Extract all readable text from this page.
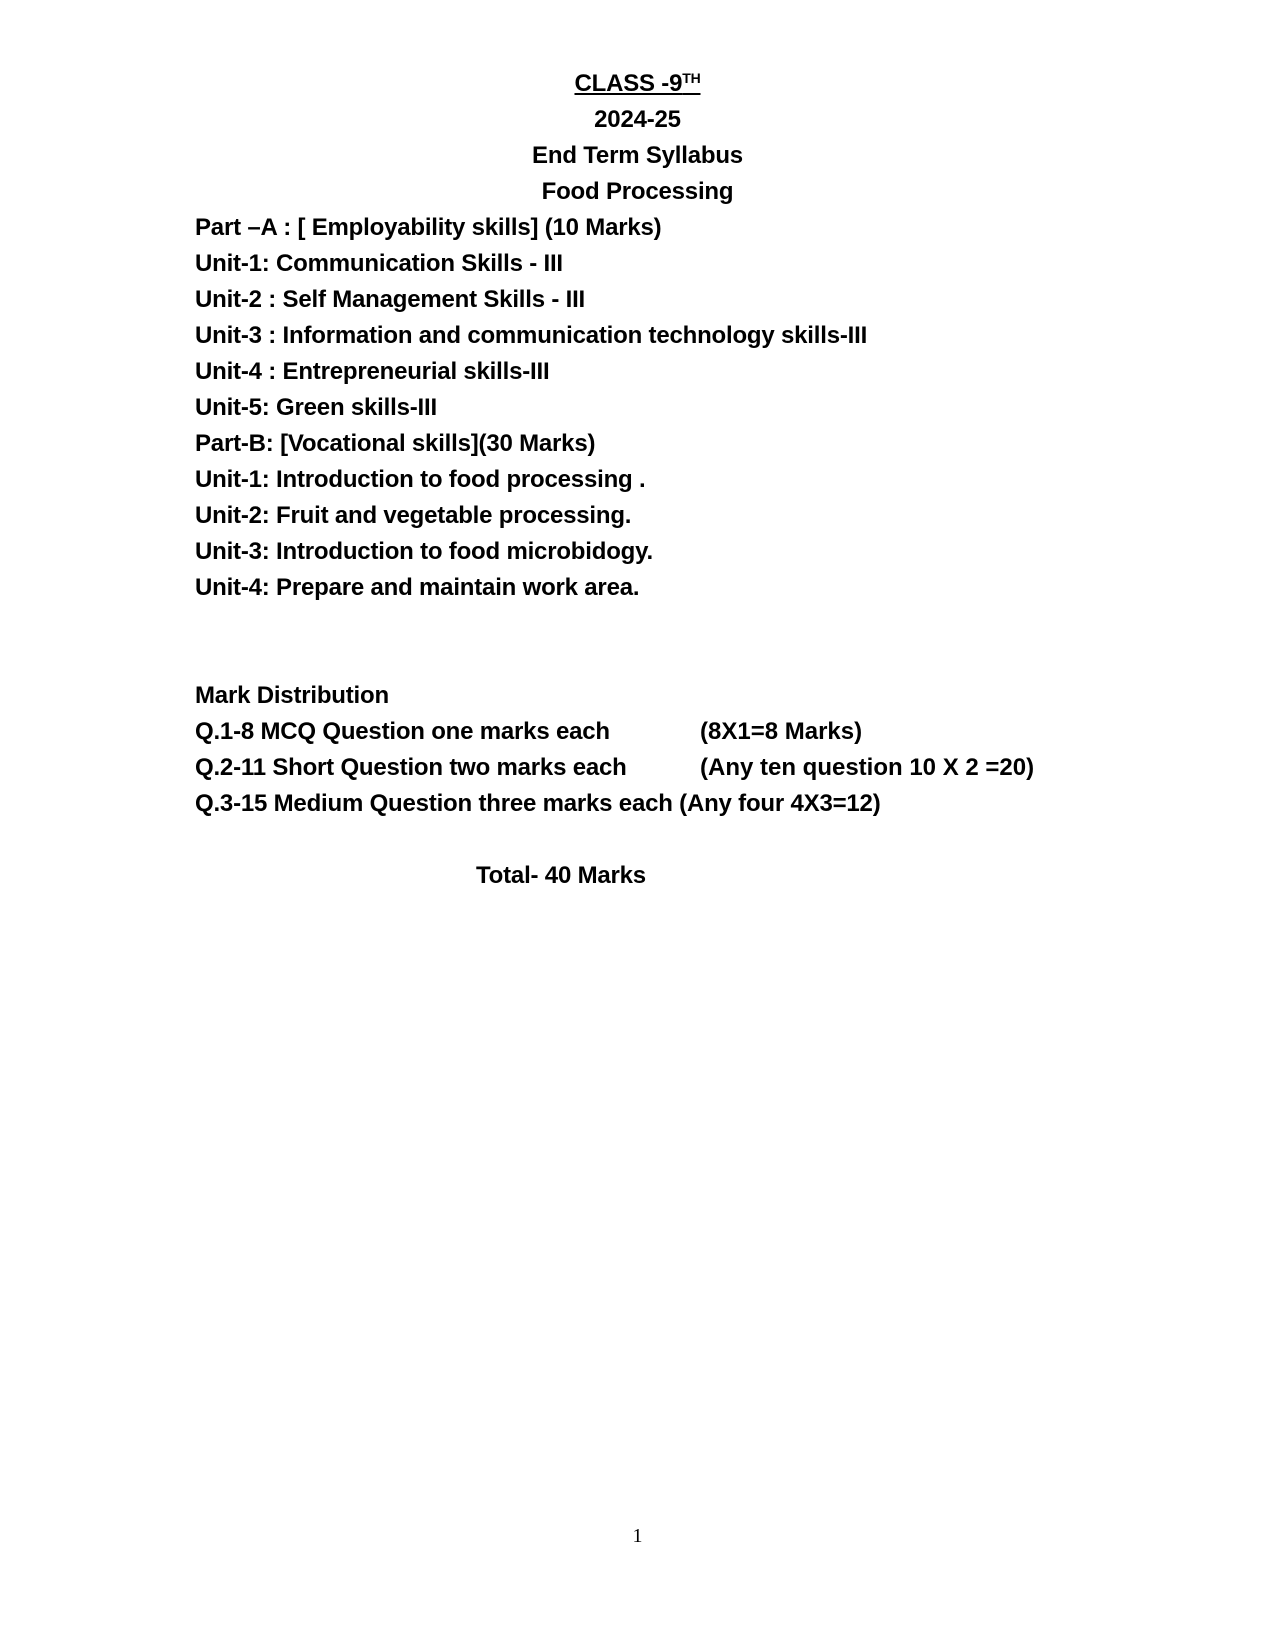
CLASS -9TH
2024-25
End Term Syllabus
Food Processing
Part –A : [ Employability skills] (10 Marks)
Unit-1: Communication Skills - III
Unit-2 : Self Management Skills - III
Unit-3 : Information and communication technology skills-III
Unit-4 : Entrepreneurial skills-III
Unit-5: Green skills-III
Part-B: [Vocational skills](30 Marks)
Unit-1: Introduction to food processing .
Unit-2: Fruit and vegetable processing.
Unit-3: Introduction to food microbidogy.
Unit-4: Prepare and maintain work area.
Mark Distribution
Q.1-8 MCQ Question one marks each	(8X1=8 Marks)
Q.2-11 Short Question two marks each	(Any ten question 10 X 2 =20)
Q.3-15 Medium Question three marks each (Any four 4X3=12)
Total- 40 Marks
1
